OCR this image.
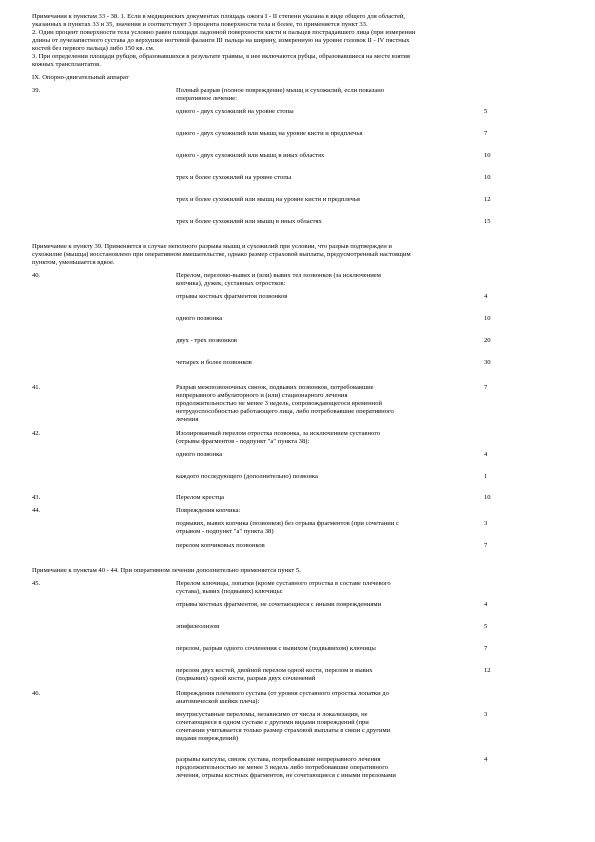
Примечания к пунктам 33 - 38. 1. Если в медицинских документах площадь ожога I - II степени указана в виде общего для областей,
указанных в пунктах 33 и 35, значения и соответствует 3 процента поверхности тела и более, то применяется пункт 33.
2. Один процент поверхности тела условно равен площади ладонной поверхности кисти и пальцев пострадавшего лица (при измерении
длины от лучезапястного сустава до верхушки ногтевой фаланги III пальца на ширину, измеренную на уровне головок II - IV пястных
костей без первого пальца) либо 150 кв. см.
3. При определении площади рубцов, образовавшихся в результате травмы, в нее включаются рубцы, образовавшиеся на месте взятия
кожных трансплантатов.
IX. Опорно-двигательный аппарат
39.	Полный разрыв (полное повреждение) мышц и сухожилий, если показано
оперативное лечение:
одного - двух сухожилий на уровне стопы	5
одного - двух сухожилий или мышц на уровне кисти и предплечья	7
одного - двух сухожилий или мышц в иных областях	10
трех и более сухожилий на уровне стопы	10
трех и более сухожилий или мышц на уровне кисти и предплечья	12
трех и более сухожилий или мышц в иных областях	15
Примечание к пункту 39. Применяется в случае неполного разрыва мышц и сухожилий при условии, что разрыв подтвержден и
сухожилие (мышца) восстановлено при оперативном вмешательстве, однако размер страховой выплаты, предусмотренный настоящим
пунктом, уменьшается вдвое.
40.	Перелом, переломо-вывих и (или) вывих тел позвонков (за исключением
копчика), дужек, суставных отростков:
отрывы костных фрагментов позвонков	4
одного позвонка	10
двух - трех позвонков	20
четырех и более позвонков	30
41.	Разрыв межпозвоночных связок, подвывих позвонков, потребовавшие	7
непрерывного амбулаторного и (или) стационарного лечения
продолжительностью не менее 3 недель, сопровождающегося временной
нетрудоспособностью работающего лица, либо потребовавшие оперативного
лечения
42.	Изолированный перелом отростка позвонка, за исключением суставного
(отрывы фрагментов - подпункт "а" пункта 38):
одного позвонка	4
каждого последующего (дополнительно) позвонка	1
43.	Перелом крестца	10
44.	Повреждения копчика:
подвывих, вывих копчика (позвонков) без отрыва фрагментов (при сочетании с	3
отрывом - подпункт "а" пункта 38)
перелом копчиковых позвонков	7
Примечание к пунктам 40 - 44. При оперативном лечении дополнительно применяется пункт 5.
45.	Перелом ключицы, лопатки (кроме суставного отростка в составе плечевого
сустава), вывих (подвывих) ключицы:
отрывы костных фрагментов, не сочетающиеся с иными повреждениями	4
эпифизеолизом	5
перелом, разрыв одного сочленения с вывихом (подвывихом) ключицы	7
перелом двух костей, двойной перелом одной кости, перелом и вывих	12
(подвывих) одной кости, разрыв двух сочленений
46.	Повреждения плечевого сустава (от уровня суставного отростка лопатки до
анатомической шейки плеча):
внутрисуставные переломы, независимо от числа и локализации, не	3
сочетающиеся в одном суставе с другими видами повреждений (при
сочетании учитывается только размер страховой выплаты в связи с другими
видами повреждений)
разрывы капсулы, связок сустава, потребовавшие непрерывного лечения	4
продолжительностью не менее 3 недель либо потребовавшие оперативного
лечения, отрывы костных фрагментов, не сочетающиеся с иными переломами
